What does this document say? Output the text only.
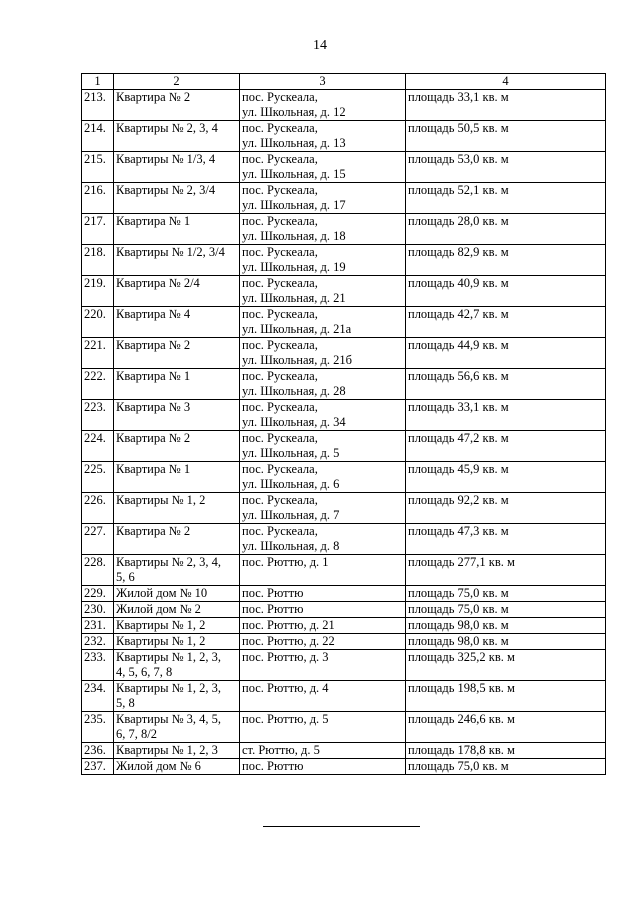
14
1	2	3	4
213.	Квартира № 2	пос. Рускеала,
ул. Школьная, д. 12	площадь 33,1 кв. м
214.	Квартиры № 2, 3, 4	пос. Рускеала,
ул. Школьная, д. 13	площадь 50,5 кв. м
215.	Квартиры № 1/3, 4	пос. Рускеала,
ул. Школьная, д. 15	площадь 53,0 кв. м
216.	Квартиры № 2, 3/4	пос. Рускеала,
ул. Школьная, д. 17	площадь 52,1 кв. м
217.	Квартира № 1	пос. Рускеала,
ул. Школьная, д. 18	площадь 28,0 кв. м
218.	Квартиры № 1/2, 3/4	пос. Рускеала,
ул. Школьная, д. 19	площадь 82,9 кв. м
219.	Квартира № 2/4	пос. Рускеала,
ул. Школьная, д. 21	площадь 40,9 кв. м
220.	Квартира № 4	пос. Рускеала,
ул. Школьная, д. 21а	площадь 42,7 кв. м
221.	Квартира № 2	пос. Рускеала,
ул. Школьная, д. 21б	площадь 44,9 кв. м
222.	Квартира № 1	пос. Рускеала,
ул. Школьная, д. 28	площадь 56,6 кв. м
223.	Квартира № 3	пос. Рускеала,
ул. Школьная, д. 34	площадь 33,1 кв. м
224.	Квартира № 2	пос. Рускеала,
ул. Школьная, д. 5	площадь 47,2 кв. м
225.	Квартира № 1	пос. Рускеала,
ул. Школьная, д. 6	площадь 45,9 кв. м
226.	Квартиры № 1, 2	пос. Рускеала,
ул. Школьная, д. 7	площадь 92,2 кв. м
227.	Квартира № 2	пос. Рускеала,
ул. Школьная, д. 8	площадь 47,3 кв. м
228.	Квартиры № 2, 3, 4,
5, 6	пос. Рюттю, д. 1	площадь 277,1 кв. м
229.	Жилой дом № 10	пос. Рюттю	площадь 75,0 кв. м
230.	Жилой дом № 2	пос. Рюттю	площадь 75,0 кв. м
231.	Квартиры № 1, 2	пос. Рюттю, д. 21	площадь 98,0 кв. м
232.	Квартиры № 1, 2	пос. Рюттю, д. 22	площадь 98,0 кв. м
233.	Квартиры № 1, 2, 3,
4, 5, 6, 7, 8	пос. Рюттю, д. 3	площадь 325,2 кв. м
234.	Квартиры № 1, 2, 3,
5, 8	пос. Рюттю, д. 4	площадь 198,5 кв. м
235.	Квартиры № 3, 4, 5,
6, 7, 8/2	пос. Рюттю, д. 5	площадь 246,6 кв. м
236.	Квартиры № 1, 2, 3	ст. Рюттю, д. 5	площадь 178,8 кв. м
237.	Жилой дом № 6	пос. Рюттю	площадь 75,0 кв. м
